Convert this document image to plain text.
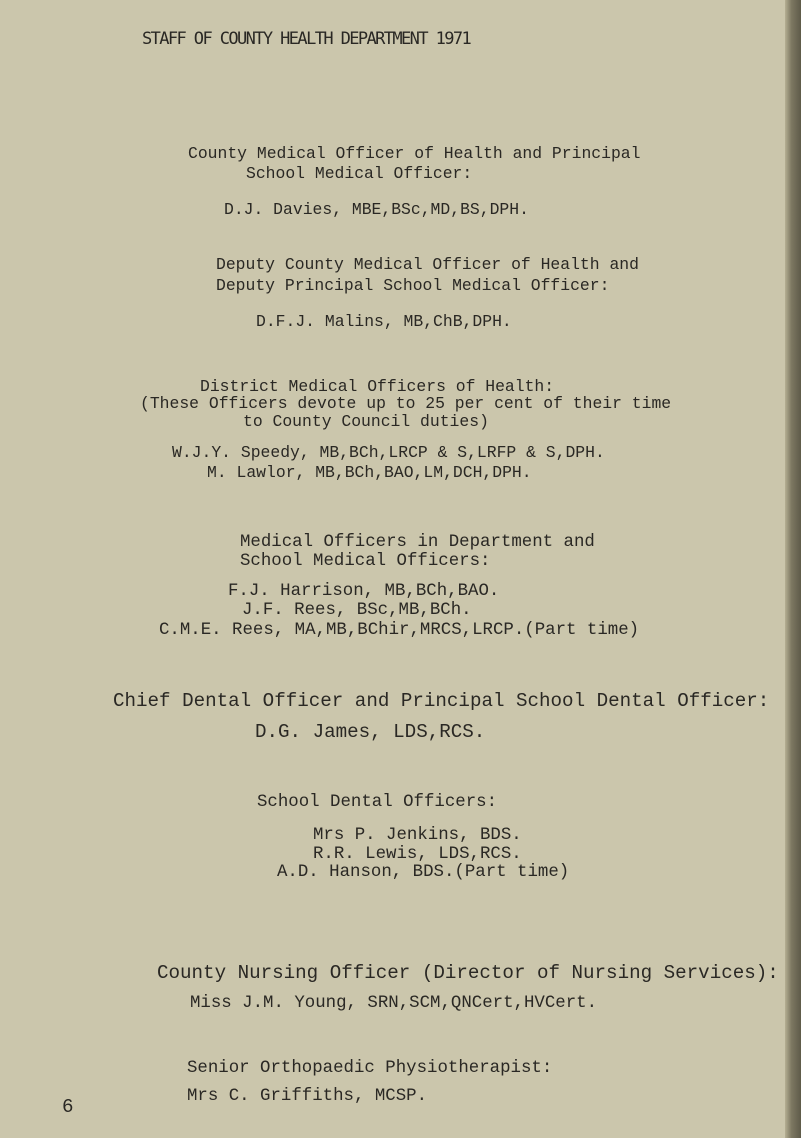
STAFF OF COUNTY HEALTH DEPARTMENT 1971
County Medical Officer of Health and Principal
School Medical Officer:
D.J. Davies, MBE,BSc,MD,BS,DPH.
Deputy County Medical Officer of Health and
Deputy Principal School Medical Officer:
D.F.J. Malins, MB,ChB,DPH.
District Medical Officers of Health:
(These Officers devote up to 25 per cent of their time
to County Council duties)
W.J.Y. Speedy, MB,BCh,LRCP & S,LRFP & S,DPH.
M. Lawlor, MB,BCh,BAO,LM,DCH,DPH.
Medical Officers in Department and
School Medical Officers:
F.J. Harrison, MB,BCh,BAO.
J.F. Rees, BSc,MB,BCh.
C.M.E. Rees, MA,MB,BChir,MRCS,LRCP.(Part time)
Chief Dental Officer and Principal School Dental Officer:
D.G. James, LDS,RCS.
School Dental Officers:
Mrs P. Jenkins, BDS.
R.R. Lewis, LDS,RCS.
A.D. Hanson, BDS.(Part time)
County Nursing Officer (Director of Nursing Services):
Miss J.M. Young, SRN,SCM,QNCert,HVCert.
Senior Orthopaedic Physiotherapist:
Mrs C. Griffiths, MCSP.
6
